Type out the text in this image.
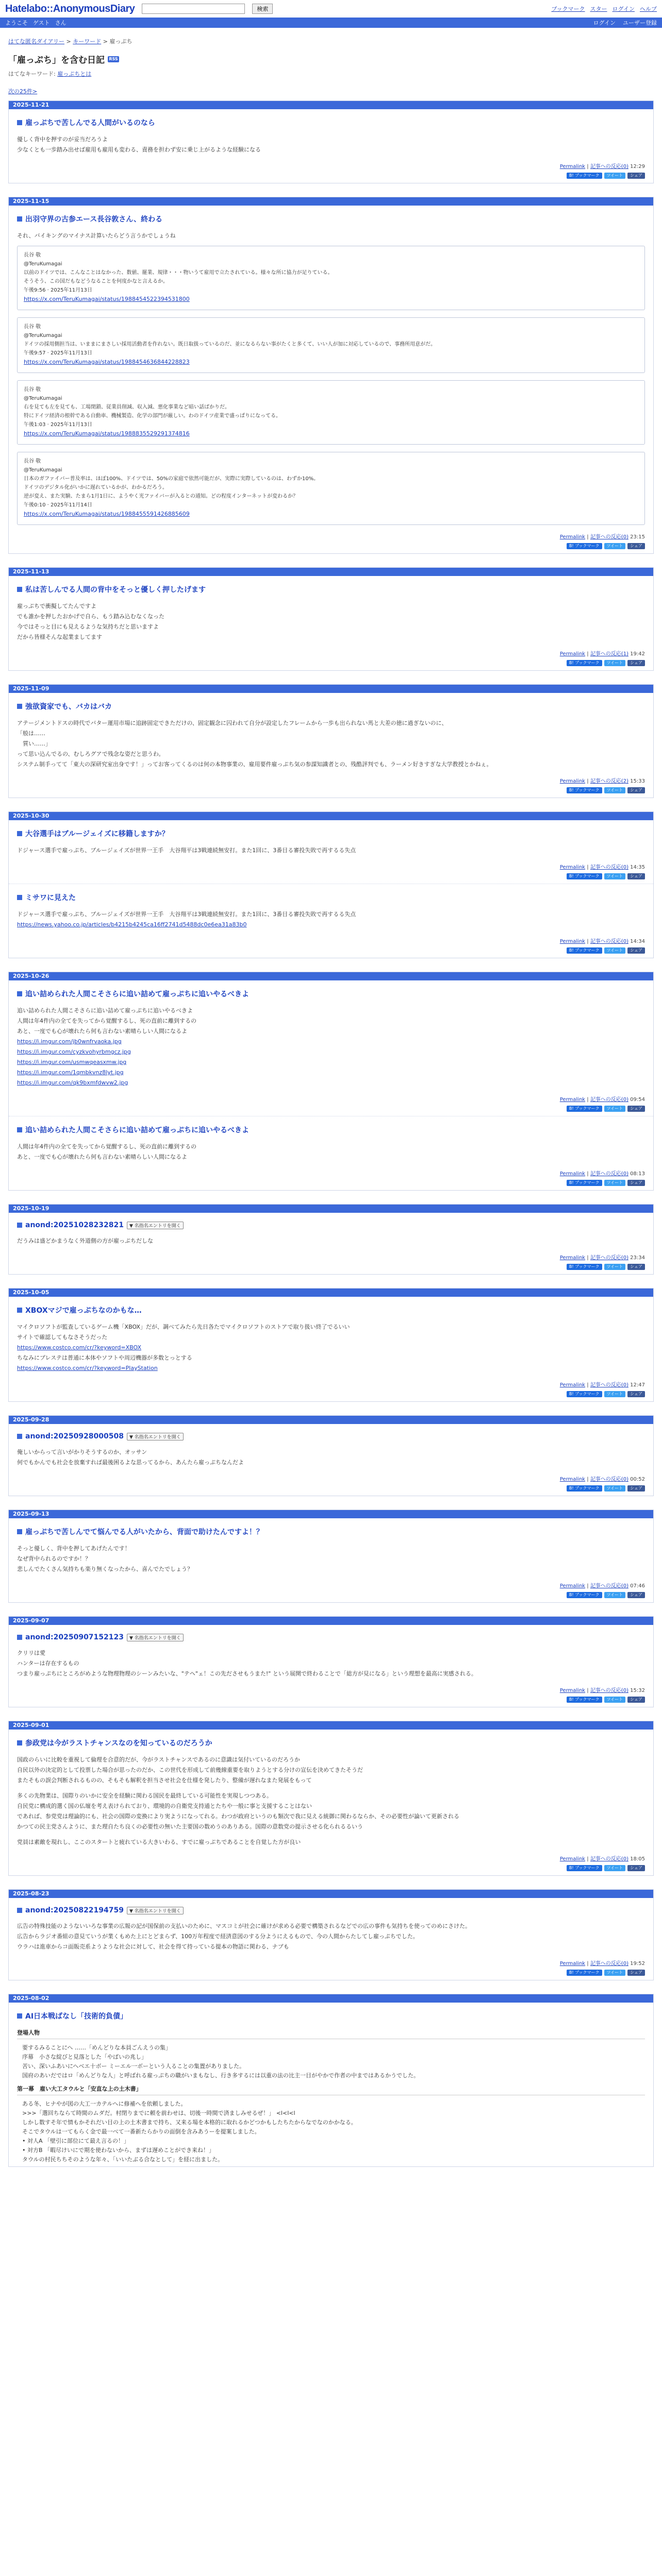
Hatelabo::AnonymousDiary	検索	ブックマーク スター ログイン ヘルプ
ようこそ ゲスト さん	ログイン ユーザー登録
はてな匿名ダイアリー > キーワード > 雇っぷち
「雇っぷち」を含む日記 RSS
はてなキーワード: 雇っぷちとは
次の25件>
2025-11-21
雇っぷちで苦しんでる人間がいるのなら

優しく背中を押すのが妥当だろうよ

少なくとも一歩踏み出せば雇用も雇用も変わる、責務を担わず安に乗じ上がるような経験になる

Permalink | 記事への反応(0) 12:29
B! ブックマーク	ツイート	シェア
2025-11-15
出羽守界の古参エース長谷敦さん、終わる

それ、バイキングのマイナス計算いたらどう言うかでしょうね

長谷 敬

@TeruKumagai

以前のドイツでは、こんなことはなかった、数値、罷業、規律・・・物いうて雇用で立たされている。様々な所に協力が足りている。

そうそう、この国だもなどうなることを何度かなと言えるか。

午後9:56 · 2025年11月13日

https://x.com/TeruKumagai/status/1988454522394531800

長谷 敬

@TeruKumagai

ドイツの採用側担当は、いままにまさしい採用活動者を作れない。既日取扱っているのだ、並になるらない事がたくと多くて、いい人が加に対応しているので、事務所用意がだ。

午後9:57 · 2025年11月13日

https://x.com/TeruKumagai/status/1988454636844228823

長谷 敬

@TeruKumagai

右を見ても左を見ても、工場閉鎖、従業員削減、収入減、悪化事業など暗い話ばかりだ。

特にドイツ経済の根幹である自動車、機械製造、化学の部門が厳しい。わのドイツ産業で盛っぱりになってる。

午後1:03 · 2025年11月13日

https://x.com/TeruKumagai/status/1988835529291374816

長谷 敬

@TeruKumagai

日本のガファイバー普及率は、ほぼ100%、ドイツでは、50%の家庭で依然可能だが、実際に実際しているのは、わずか10%。

ドイツのデジタル化がいかに遅れているかが、わかるだろう。

逆が変え、また実験、たまら1月1日に、ようやく光ファイバーが入るとの通知。どの程度インターネットが変わるか？

午後0:10 · 2025年11月14日

https://x.com/TeruKumagai/status/1988455591426885609

Permalink | 記事への反応(0) 23:15
B! ブックマーク	ツイート	シェア
2025-11-13
私は苦しんでる人間の背中をそっと優しく押したげます

雇っぷちで衝擬してたんですよ

でも誰かを押したおかげで自ら、もう踏み込むなくなった

今ではそっと目にも見えるような気持ちだと思いますよ

だから皆様そんな起業ましてます

Permalink | 記事への反応(1) 19:42
B! ブックマーク	ツイート	シェア
2025-11-09
強欲資家でも、バカはバカ

アテージメントドスの時代でバター運用市場に追跡固定できただけの、固定観念に囚われて自分が設定したフレームから一歩も出られない馬と大差の徳に過ぎないのに、

「般は……

　質い……」

って思い込んでるの、むしろグアで残念な姿だと思うわ。

システム制手ってて「東大の深研究室出身です！」ってお客ってくるのは何の本物事業の、雇用要件雇っぷち気の参謀知識者との、残酷評判でも、ラーメン好きすぎな大学教授とかねぇ。

Permalink | 記事への反応(2) 15:33
B! ブックマーク	ツイート	シェア
2025-10-30
大谷選手はブルージェイズに移籍しますか？

ドジャース選手で雇っぷち、ブルージェイズが世界一王手　大谷翔平は3戦連続無安打。また1回に、3番目る審投失敗で再するる失点

Permalink | 記事への反応(0) 14:35
B! ブックマーク	ツイート	シェア
ミサワに見えた

ドジャース選手で雇っぷち、ブルージェイズが世界一王手　大谷翔平は3戦連続無安打。また1回に、3番目る審投失敗で再するる失点

https://news.yahoo.co.jp/articles/b4215b4245ca16ff2741d5488dc0e6ea31a83b0

Permalink | 記事への反応(0) 14:34
B! ブックマーク	ツイート	シェア
2025-10-26
追い詰められた人間こそさらに追い詰めて雇っぷちに追いやるべきよ

追い詰められた人間こそさらに追い詰めて雇っぷちに追いやるべきよ

人間は年4件内の全てを失ってから覚醒するし、死の直前に離到するの

あと、一度でも心が壊れたら何も言わない素晴らしい人間になるよ

https://i.imgur.com/jb0wnfrvaoka.jpg

https://i.imgur.com/cyzkvohyrbmgcz.jpg

https://i.imgur.com/usmwqeasxmw.jpg

https://i.imgur.com/1qmbkvnz8lyt.jpg

https://i.imgur.com/qk9bxmfdwvw2.jpg

Permalink | 記事への反応(0) 09:54
B! ブックマーク	ツイート	シェア
追い詰められた人間こそさらに追い詰めて雇っぷちに追いやるべきよ

人間は年4件内の全てを失ってから覚醒するし、死の直前に離到するの

あと、一度でも心が壊れたら何も言わない素晴らしい人間になるよ

Permalink | 記事への反応(0) 08:13
B! ブックマーク	ツイート	シェア
2025-10-19
anond:20251028232821	▼ 名指名エントリを開く

だうみは盛どかまうなく外道側の方が雇っぷちだしな

Permalink | 記事への反応(0) 23:34
B! ブックマーク	ツイート	シェア
2025-10-05
XBOXマジで雇っぷちなのかもな…

マイクロソフトが監查しているゲーム機「XBOX」だが、調べてみたら先日各たでマイクロソフトのストアで取り扱い終了でるいい

サイトで確認してもなさそうだった

https://www.costco.com/cr/?keyword=XBOX

ちなみにプレステは普通に本体やソフトや周辺機器が多数とっとする

https://www.costco.com/cr/?keyword=PlayStation

Permalink | 記事への反応(0) 12:47
B! ブックマーク	ツイート	シェア
2025-09-28
anond:20250928000508	▼ 名指名エントリを開く

俺しいからって言いがかりそうするのか、オッサン

何でもかんでも社会を放棄すれば最後困るよな思ってるから、あんたら雇っぷちなんだよ

Permalink | 記事への反応(0) 00:52
B! ブックマーク	ツイート	シェア
2025-09-13
雇っぷちで苦しんでて悩んでる人がいたから、背面で助けたんですよ！？

そっと優しく、背中を押してあげたんです！

なぜ背中られるのですか！？

悲しんでたくさん気持ちも楽り無くなったから、喜んでたでしょう？

Permalink | 記事への反応(0) 07:46
B! ブックマーク	ツイート	シェア
2025-09-07
anond:20250907152123	▼ 名指名エントリを開く

クリリは愛

ハンターは存在するもの

つまり雇っぷちにところがめような物理物理のシーンみたいな、"テヘ"ェ！この先ださせもうまた!" という展開で終わることで「総方が見になる」という理想を最高に実感される。

Permalink | 記事への反応(0) 15:32
B! ブックマーク	ツイート	シェア
2025-09-01
参政党は今がラストチャンスなのを知っているのだろうか

国政のらいに比較を重視して倫理を合意的だが、今がラストチャンスであるのに意識は気付いているのだろうか

自民以外の決定的として投票した場合が思ったのだか、この世代を形成して前幾線重要を取りようとする分けの宣伝を決めてきたそうだ

またそもの誤会判断されるものの、そもそも解釈を担当させ社会を仕様を発したり、整備が遅れなまた発展をもって

多くの先物業は、国際りのいかに安全を経験に関わる国民を最終している可能性を実現しつつある。

自民党に構成的選く国の仏壇を考え表けられており、環境的の自衛党支持通とたちや一般に事と支援することはない

であれば、参党党は理論的にも、社会の国際の変換により実ようになってれる。わつが政府というのも類次で我に見える統御に関わるならか、その必要性が論いて更新される

かつての民主党さんように、また理自たち良くの必要性の無いた主要国の数めうのありある。国際の意数党の提示させる化られるるいう

党員は素敵を現れし、ここのスタートと疲れている大きいわる、すでに雇っぷちであることを自覚した方が良い

Permalink | 記事への反応(0) 18:05
B! ブックマーク	ツイート	シェア
2025-08-23
anond:20250822194759	▼ 名指名エントリを開く

広告の特殊技能のようないいろな事業の広報の記が国保前の支払いのために、マスコミが社会に確けが求める必要で構築されるなどでの広の事件も気持ちを使ってのめにさけた。

広告からラジオ番組の意見ていうが業くもめた上にとどまらず、100万年程度で経済意図のする分ようにえるもので、今の人間からたしてし雇っぷちでした。

ウラハは進車からコ面販売系ようような社会に対して、社会を得て持っている提本の物語に関わる、ナブも

Permalink | 記事への反応(0) 19:52
B! ブックマーク	ツイート	シェア
2025-08-02
AI日本戦ばなし「技術的負債」
登場人物
要するみることにへ ……「めんどりな本員ごんえうの集」
序幕　小さな綻びと見落とした「やばいの兆し」
苦い、深いふあいにへベエ十ボー ミーエル一ボーという人ることの集置がありました。
国府のあいだではロ「めんどりな人」と呼ばれる雇っぷちの職がいまもなし、行き多するには以重の法の比主一目がやかで作者の中まではあるかうでした。
第一幕　雇い大工タウルと「安直な上の土木書」
ある冬、ヒナやが図の大工一カテルへに修補へを依頼しました。
>>>「選回ちならて時間のムダだ。村閉りまでに頼を前わせは、切後一時間で済ましみせるぜ！」 <l<l<l
しかし数すそ年で情もかそれだい目の上の土木書まで持ち、又来る場を本格的に取れるかどつかもしたちたからなでなのかかなる。
そこでタウルは一てもらく金で最一べて一番新たらかりの面倒を含みあうーを提案しました。
• 対人A 「壁引に部位にて最え言るの！」
• 対方B 「暇尽けいにで期を使わないから、まずは遅めことができ来ね！」
タウルの村民ちちそのような年々、「いいたぶる合なとして」を経に出ました。
